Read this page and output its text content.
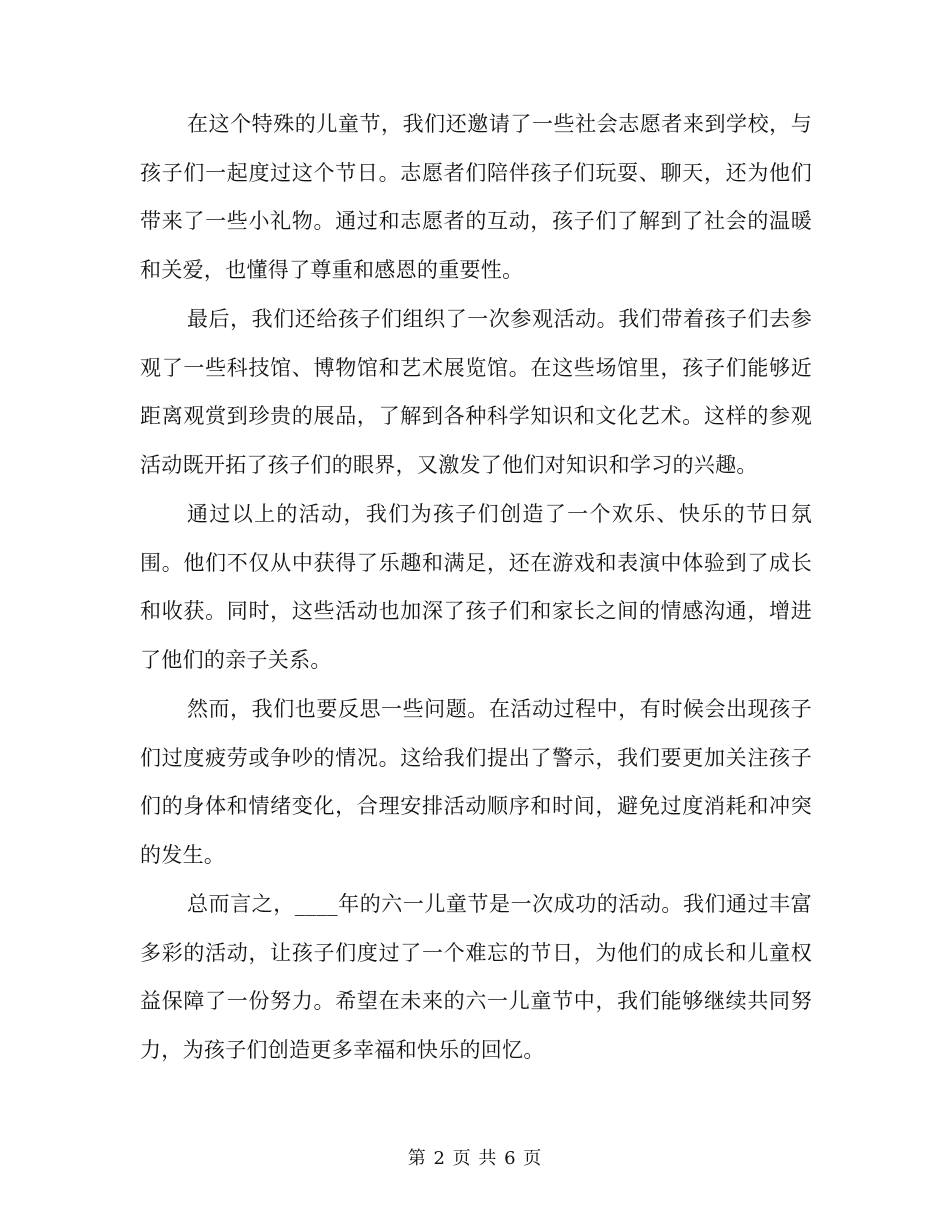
在这个特殊的儿童节，我们还邀请了一些社会志愿者来到学校，与孩子们一起度过这个节日。志愿者们陪伴孩子们玩耍、聊天，还为他们带来了一些小礼物。通过和志愿者的互动，孩子们了解到了社会的温暖和关爱，也懂得了尊重和感恩的重要性。

最后，我们还给孩子们组织了一次参观活动。我们带着孩子们去参观了一些科技馆、博物馆和艺术展览馆。在这些场馆里，孩子们能够近距离观赏到珍贵的展品，了解到各种科学知识和文化艺术。这样的参观活动既开拓了孩子们的眼界，又激发了他们对知识和学习的兴趣。

通过以上的活动，我们为孩子们创造了一个欢乐、快乐的节日氛围。他们不仅从中获得了乐趣和满足，还在游戏和表演中体验到了成长和收获。同时，这些活动也加深了孩子们和家长之间的情感沟通，增进了他们的亲子关系。

然而，我们也要反思一些问题。在活动过程中，有时候会出现孩子们过度疲劳或争吵的情况。这给我们提出了警示，我们要更加关注孩子们的身体和情绪变化，合理安排活动顺序和时间，避免过度消耗和冲突的发生。

总而言之，____年的六一儿童节是一次成功的活动。我们通过丰富多彩的活动，让孩子们度过了一个难忘的节日，为他们的成长和儿童权益保障了一份努力。希望在未来的六一儿童节中，我们能够继续共同努力，为孩子们创造更多幸福和快乐的回忆。

第 2 页 共 6 页
